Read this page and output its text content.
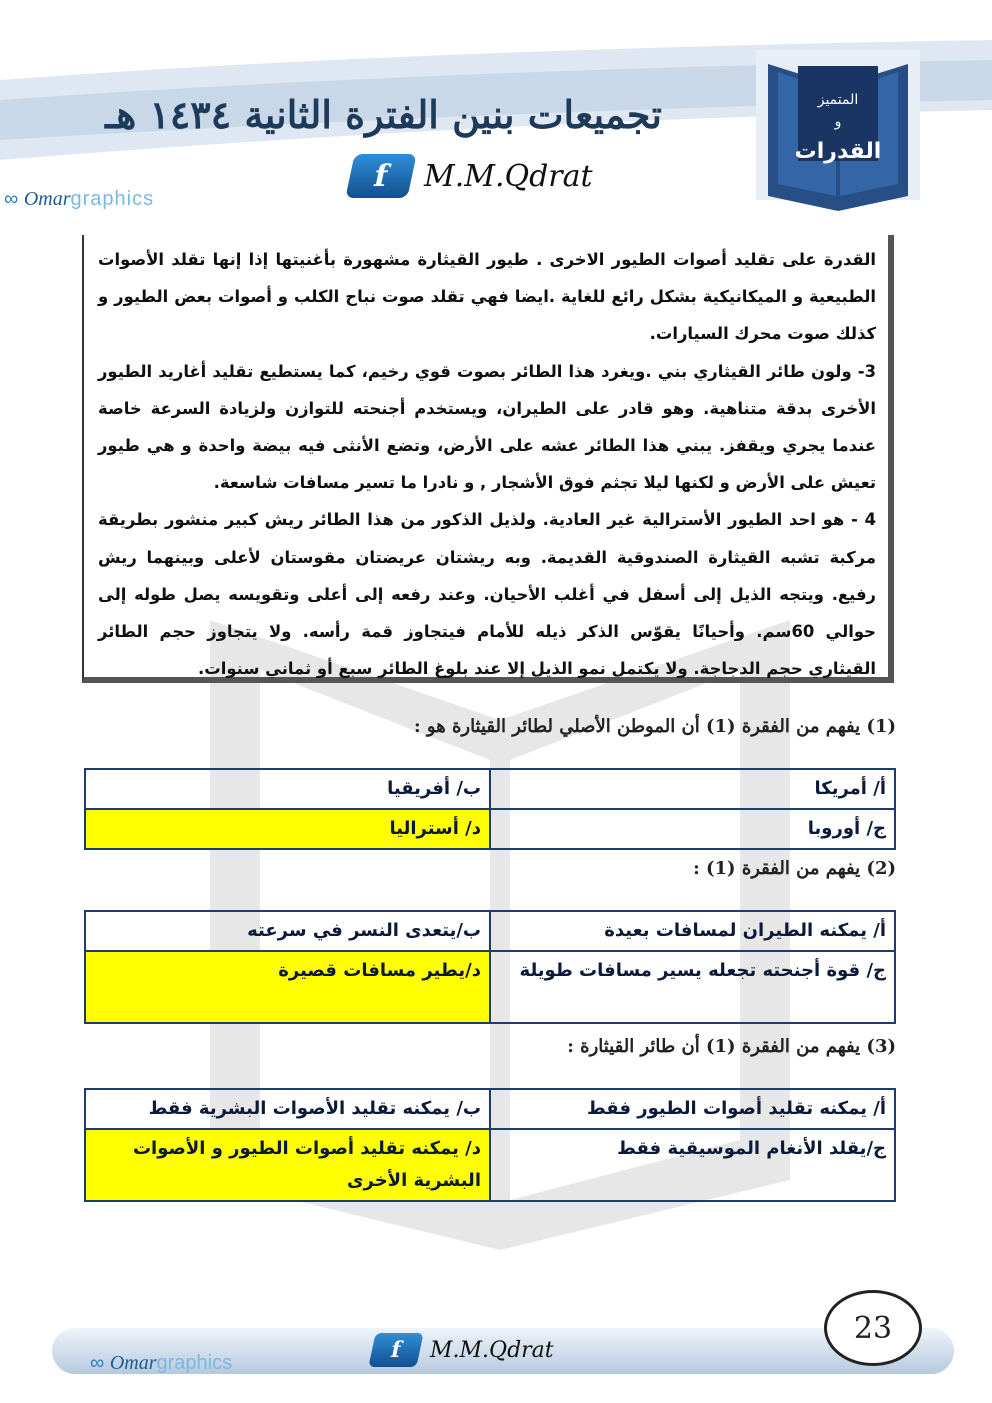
تجميعات بنين الفترة الثانية ١٤٣٤ هـ
f	M.M.Qdrat
∞ Omargraphics
المتميز
و
القدرات

القدرة على تقليد أصوات الطيور الاخرى . طيور القيثارة مشهورة بأغنيتها إذا إنها تقلد الأصوات الطبيعية و الميكانيكية بشكل رائع للغاية .ايضا فهي تقلد صوت نباح الكلب و أصوات بعض الطيور و كذلك صوت محرك السيارات.

3- ولون طائر القيثاري بني .ويغرد هذا الطائر بصوت قوي رخيم، كما يستطيع تقليد أغاريد الطيور الأخرى بدقة متناهية. وهو قادر على الطيران، ويستخدم أجنحته للتوازن ولزيادة السرعة خاصة عندما يجري ويقفز. يبني هذا الطائر عشه على الأرض، وتضع الأنثى فيه بيضة واحدة و هي طيور تعيش على الأرض و لكنها ليلا تجثم فوق الأشجار , و نادرا ما تسير مسافات شاسعة.

4 - هو احد الطيور الأسترالية غير العادية. ولذيل الذكور من هذا الطائر ريش كبير منشور بطريقة مركبة تشبه القيثارة الصندوقية القديمة. وبه ريشتان عريضتان مقوستان لأعلى وبينهما ريش رفيع. ويتجه الذيل إلى أسفل في أغلب الأحيان. وعند رفعه إلى أعلى وتقويسه يصل طوله إلى حوالي 60سم. وأحيانًا يقوّس الذكر ذيله للأمام فيتجاوز قمة رأسه. ولا يتجاوز حجم الطائر القيثاري حجم الدجاجة. ولا يكتمل نمو الذيل إلا عند بلوغ الطائر سبع أو ثماني سنوات.

(1) يفهم من الفقرة (1) أن الموطن الأصلي لطائر القيثارة هو :
أ/ أمريكا	ب/ أفريقيا
ج/ أوروبا	د/ أستراليا
(2) يفهم من الفقرة (1) :
أ/ يمكنه الطيران لمسافات بعيدة	ب/يتعدى النسر في سرعته
ج/ قوة أجنحته تجعله يسير مسافات طويلة	د/يطير مسافات قصيرة
(3) يفهم من الفقرة (1) أن طائر القيثارة :
أ/ يمكنه تقليد أصوات الطيور فقط	ب/ يمكنه تقليد الأصوات البشرية فقط
ج/يقلد الأنغام الموسيقية فقط	د/ يمكنه تقليد أصوات الطيور و الأصوات البشرية الأخرى
∞ Omargraphics	f	M.M.Qdrat
23
